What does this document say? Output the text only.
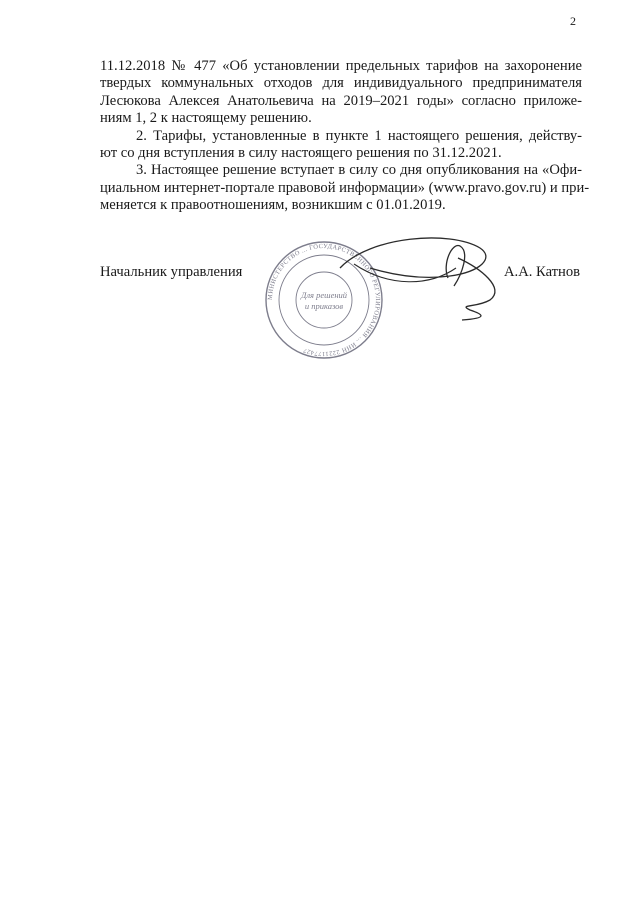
2

11.12.2018 № 477 «Об установлении предельных тарифов на захоронение
твердых коммунальных отходов для индивидуального предпринимателя
Лесюкова Алексея Анатольевича на 2019–2021 годы» согласно приложе-
ниям 1, 2 к настоящему решению.

2. Тарифы, установленные в пункте 1 настоящего решения, действу-
ют со дня вступления в силу настоящего решения по 31.12.2021.

3. Настоящее решение вступает в силу со дня опубликования на «Офи-
циальном интернет-портале правовой информации» (www.pravo.gov.ru) и при-
меняется к правоотношениям, возникшим с 01.01.2019.

Начальник управления
МИНИСТЕРСТВО ... ГОСУДАРСТВЕННОГО РЕГУЛИРОВАНИЯ ... ИНН 2221177427
Для решений
и приказов
А.А. Катнов
